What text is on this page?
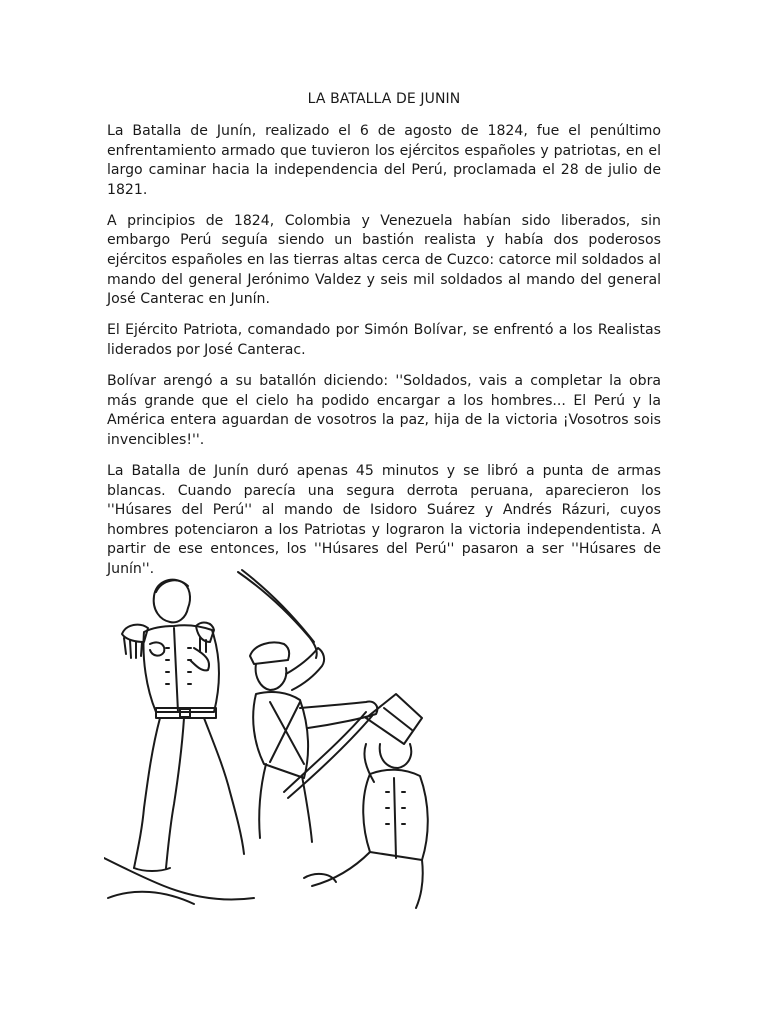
LA BATALLA DE JUNIN

La Batalla de Junín, realizado el 6 de agosto de 1824, fue el penúltimo enfrentamiento armado que tuvieron los ejércitos españoles y patriotas, en el largo caminar hacia la independencia del Perú, proclamada el 28 de julio de 1821.

A principios de 1824, Colombia y Venezuela habían sido liberados, sin embargo Perú seguía siendo un bastión realista y había dos poderosos ejércitos españoles en las tierras altas cerca de Cuzco: catorce mil soldados al mando del general Jerónimo Valdez y seis mil soldados al mando del general José Canterac en Junín.

El Ejército Patriota, comandado por Simón Bolívar, se enfrentó a los Realistas liderados por José Canterac.

Bolívar arengó a su batallón diciendo: ''Soldados, vais a completar la obra más grande que el cielo ha podido encargar a los hombres... El Perú y la América entera aguardan de vosotros la paz, hija de la victoria ¡Vosotros sois invencibles!''.

La Batalla de Junín duró apenas 45 minutos y se libró a punta de armas blancas. Cuando parecía una segura derrota peruana, aparecieron los ''Húsares del Perú'' al mando de Isidoro Suárez y Andrés Rázuri, cuyos hombres potenciaron a los Patriotas y lograron la victoria independentista. A partir de ese entonces, los ''Húsares del Perú'' pasaron a ser ''Húsares de Junín''.
